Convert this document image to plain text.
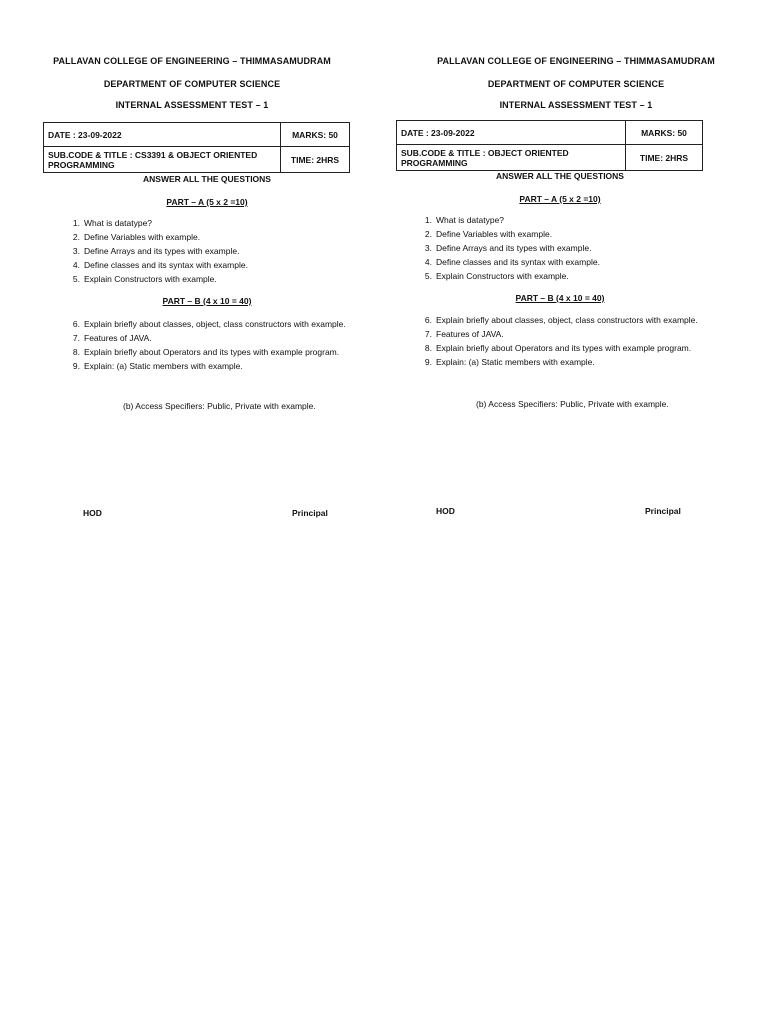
PALLAVAN COLLEGE OF ENGINEERING – THIMMASAMUDRAM
DEPARTMENT OF COMPUTER SCIENCE
INTERNAL ASSESSMENT TEST – 1
DATE : 23-09-2022	MARKS: 50
SUB.CODE & TITLE : CS3391 & OBJECT ORIENTED PROGRAMMING	TIME: 2HRS
ANSWER ALL THE QUESTIONS
PART – A (5 x 2 =10)
1. What is datatype?
2. Define Variables with example.
3. Define Arrays and its types with example.
4. Define classes and its syntax with example.
5. Explain Constructors with example.
PART – B (4 x 10 = 40)
6. Explain briefly about classes, object, class constructors with example.
7. Features of JAVA.
8. Explain briefly about Operators and its types with example program.
9. Explain: (a) Static members with example.
(b) Access Specifiers: Public, Private with example.
HOD	Principal
PALLAVAN COLLEGE OF ENGINEERING – THIMMASAMUDRAM
DEPARTMENT OF COMPUTER SCIENCE
INTERNAL ASSESSMENT TEST – 1
DATE : 23-09-2022	MARKS: 50
SUB.CODE & TITLE : OBJECT ORIENTED PROGRAMMING	TIME: 2HRS
ANSWER ALL THE QUESTIONS
PART – A (5 x 2 =10)
1. What is datatype?
2. Define Variables with example.
3. Define Arrays and its types with example.
4. Define classes and its syntax with example.
5. Explain Constructors with example.
PART – B (4 x 10 = 40)
6. Explain briefly about classes, object, class constructors with example.
7. Features of JAVA.
8. Explain briefly about Operators and its types with example program.
9. Explain: (a) Static members with example.
(b) Access Specifiers: Public, Private with example.
HOD	Principal
